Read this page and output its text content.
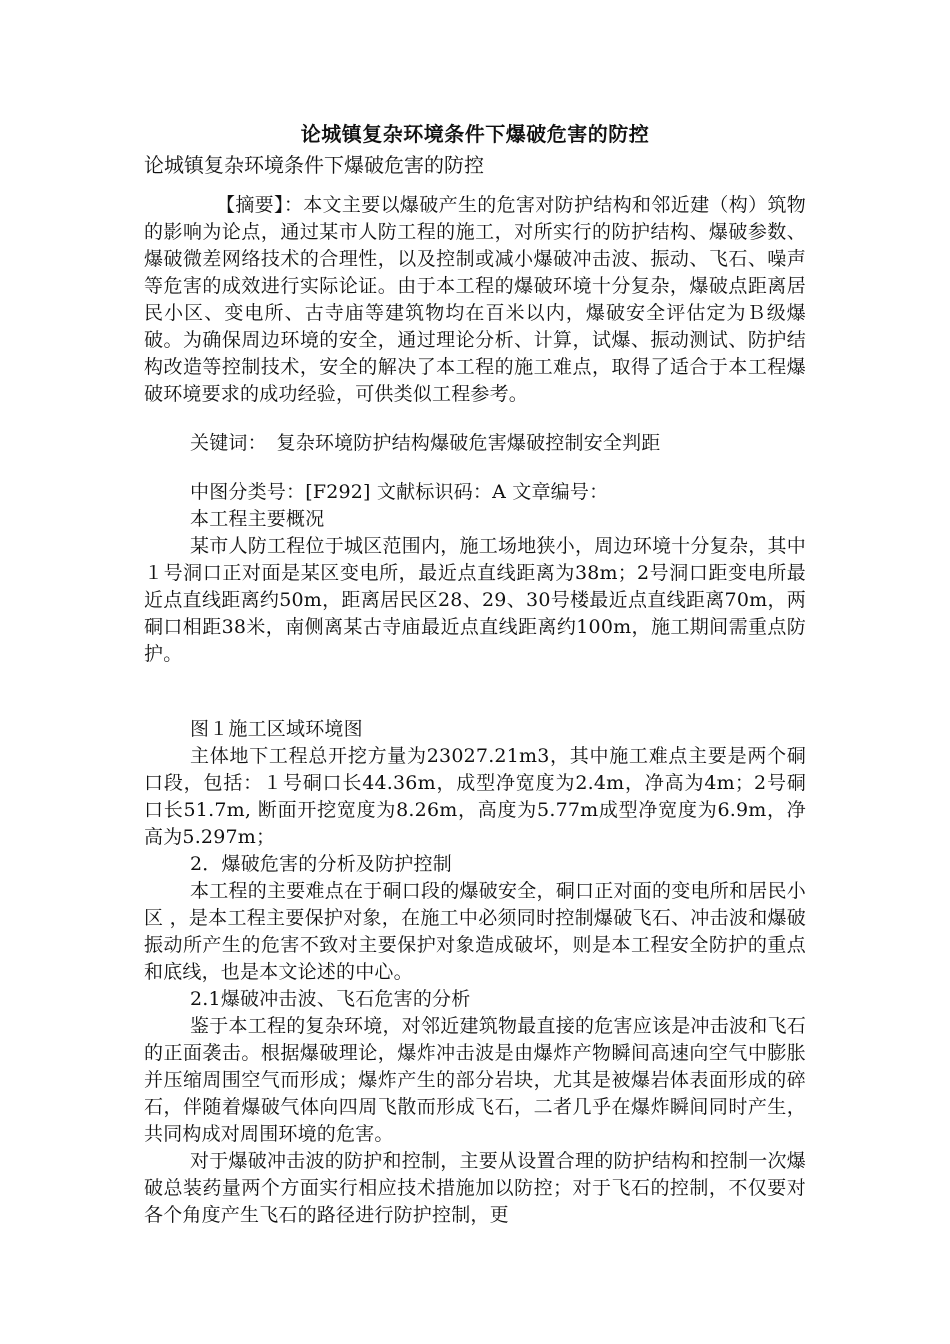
论城镇复杂环境条件下爆破危害的防控
论城镇复杂环境条件下爆破危害的防控

【摘要】：本文主要以爆破产生的危害对防护结构和邻近建（构）筑物的影响为论点，通过某市人防工程的施工，对所实行的防护结构、爆破参数、爆破微差网络技术的合理性，以及控制或减小爆破冲击波、振动、飞石、噪声等危害的成效进行实际论证。由于本工程的爆破环境十分复杂，爆破点距离居民小区、变电所、古寺庙等建筑物均在百米以内，爆破安全评估定为Ｂ级爆破。为确保周边环境的安全，通过理论分析、计算，试爆、振动测试、防护结构改造等控制技术，安全的解决了本工程的施工难点，取得了适合于本工程爆破环境要求的成功经验，可供类似工程参考。

关键词：　复杂环境防护结构爆破危害爆破控制安全判距

中图分类号：[F292] 文献标识码：A 文章编号：

本工程主要概况

某市人防工程位于城区范围内，施工场地狭小，周边环境十分复杂，其中１号洞口正对面是某区变电所，最近点直线距离为38m；2号洞口距变电所最近点直线距离约50m，距离居民区28、29、30号楼最近点直线距离70m，两硐口相距38米，南侧离某古寺庙最近点直线距离约100m，施工期间需重点防护。

图１施工区域环境图

主体地下工程总开挖方量为23027.21m3，其中施工难点主要是两个硐口段，包括：１号硐口长44.36m，成型净宽度为2.4m，净高为4m；2号硐口长51.7m, 断面开挖宽度为8.26m，高度为5.77m成型净宽度为6.9m，净高为5.297m；

2．爆破危害的分析及防护控制

本工程的主要难点在于硐口段的爆破安全，硐口正对面的变电所和居民小区 ，是本工程主要保护对象，在施工中必须同时控制爆破飞石、冲击波和爆破振动所产生的危害不致对主要保护对象造成破坏，则是本工程安全防护的重点和底线，也是本文论述的中心。

2.1爆破冲击波、飞石危害的分析

鉴于本工程的复杂环境，对邻近建筑物最直接的危害应该是冲击波和飞石的正面袭击。根据爆破理论，爆炸冲击波是由爆炸产物瞬间高速向空气中膨胀并压缩周围空气而形成；爆炸产生的部分岩块，尤其是被爆岩体表面形成的碎石，伴随着爆破气体向四周飞散而形成飞石，二者几乎在爆炸瞬间同时产生，共同构成对周围环境的危害。

对于爆破冲击波的防护和控制，主要从设置合理的防护结构和控制一次爆破总装药量两个方面实行相应技术措施加以防控；对于飞石的控制，不仅要对各个角度产生飞石的路径进行防护控制，更
